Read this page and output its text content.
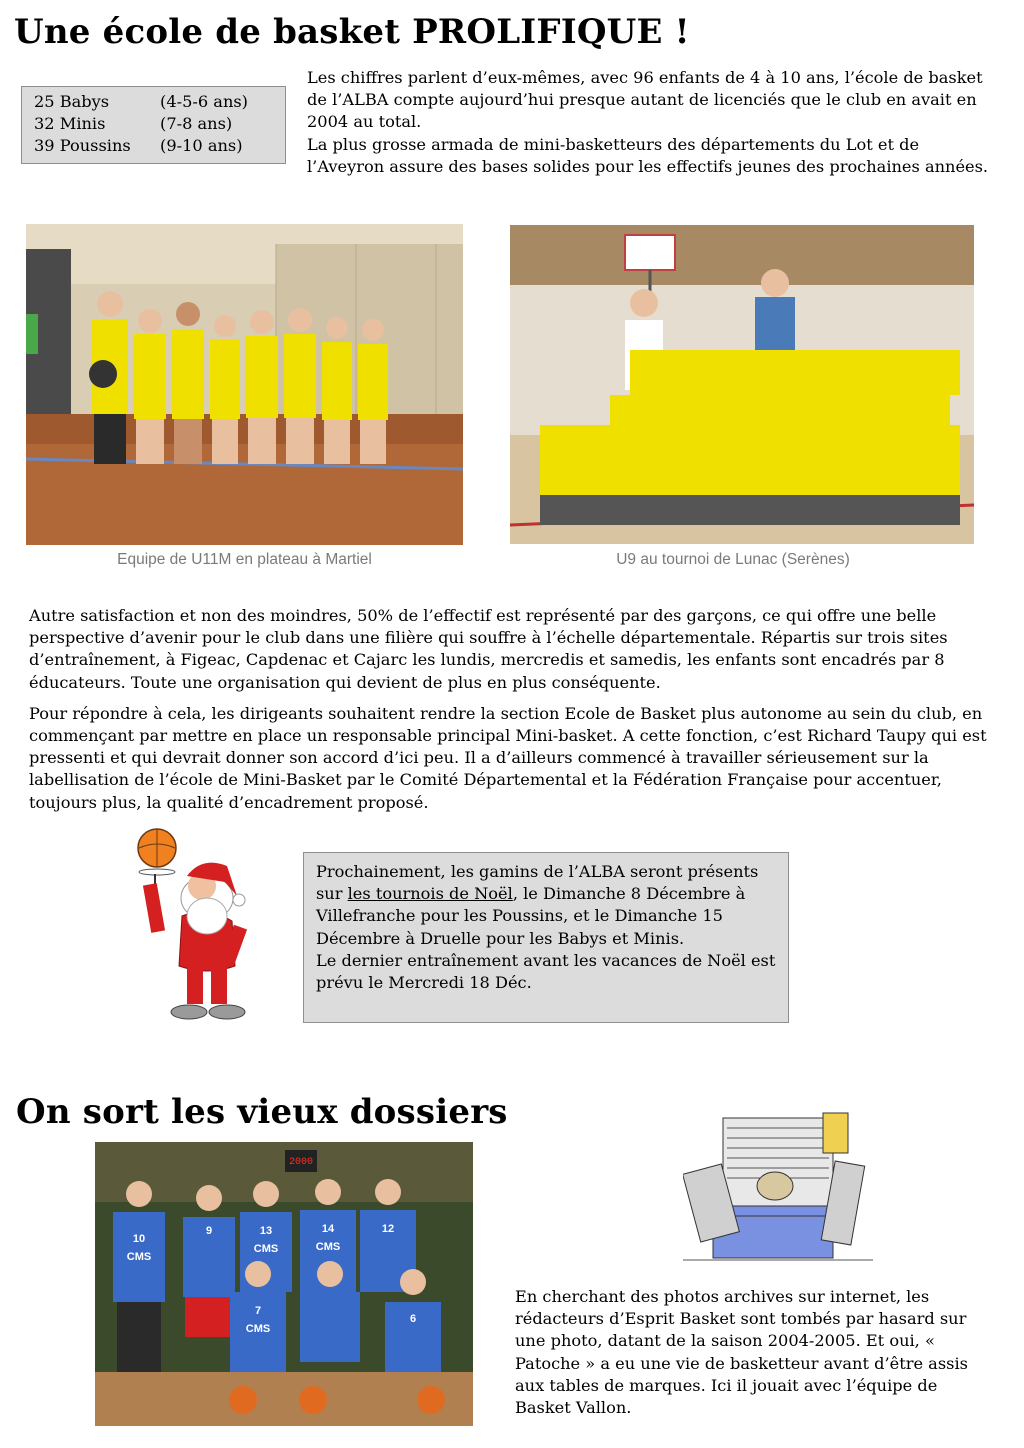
Une école de basket PROLIFIQUE !
25 Babys	(4-5-6 ans)
32 Minis	(7-8 ans)
39 Poussins	(9-10 ans)

Les chiffres parlent d’eux-mêmes, avec 96 enfants de 4 à 10 ans, l’école de basket de l’ALBA compte aujourd’hui presque autant de licenciés que le club en avait en 2004 au total.

La plus grosse armada de mini-basketteurs des départements du Lot et de l’Aveyron assure des bases solides pour les effectifs jeunes des prochaines années.

Equipe de U11M en plateau à Martiel	U9 au tournoi de Lunac (Serènes)

Autre satisfaction et non des moindres, 50% de l’effectif est représenté par des garçons, ce qui offre une belle perspective d’avenir pour le club dans une filière qui souffre à l’échelle départementale. Répartis sur trois sites d’entraînement, à Figeac, Capdenac et Cajarc les lundis, mercredis et samedis, les enfants sont encadrés par 8 éducateurs. Toute une organisation qui devient de plus en plus conséquente.

Pour répondre à cela, les dirigeants souhaitent rendre la section Ecole de Basket plus autonome au sein du club, en commençant par mettre en place un responsable principal Mini-basket. A cette fonction, c’est Richard Taupy qui est pressenti et qui devrait donner son accord d’ici peu. Il a d’ailleurs commencé à travailler sérieusement sur la labellisation de l’école de Mini-Basket par le Comité Départemental et la Fédération Française pour accentuer, toujours plus, la qualité d’encadrement proposé.

Prochainement, les gamins de l’ALBA seront présents sur les tournois de Noël, le Dimanche 8 Décembre à Villefranche pour les Poussins, et le Dimanche 15 Décembre à Druelle pour les Babys et Minis.

Le dernier entraînement avant les vacances de Noël est prévu le Mercredi 18 Déc.

On sort les vieux dossiers
2000
10
9	13	14	12
7
6
CMS
CMS	CMS
CMS
En cherchant des photos archives sur internet, les rédacteurs d’Esprit Basket sont tombés par hasard sur une photo, datant de la saison 2004-2005. Et oui, « Patoche » a eu une vie de basketteur avant d’être assis aux tables de marques. Ici il jouait avec l’équipe de Basket Vallon.
